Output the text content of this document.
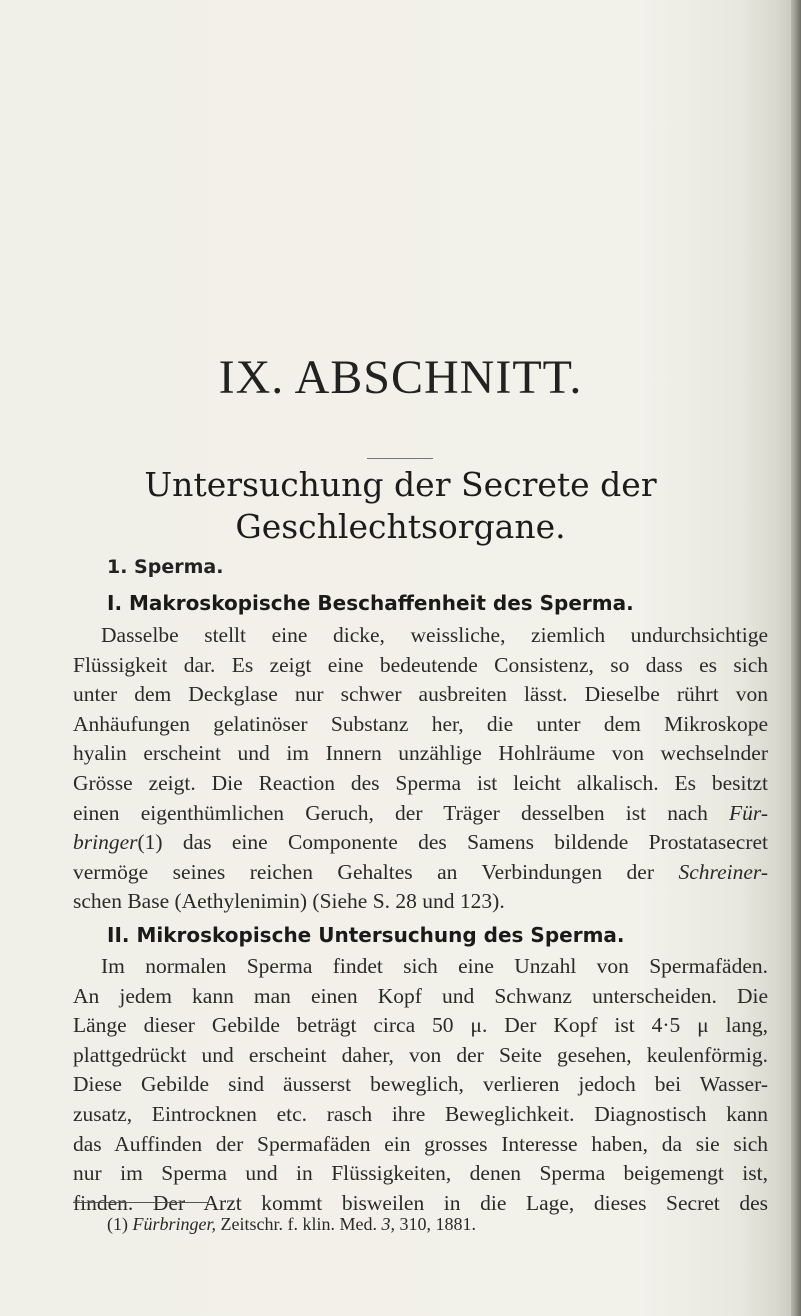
IX. ABSCHNITT.
Untersuchung der Secrete der
Geschlechtsorgane.
1. Sperma.
I. Makroskopische Beschaffenheit des Sperma.
Dasselbe stellt eine dicke, weissliche, ziemlich undurchsichtige
Flüssigkeit dar. Es zeigt eine bedeutende Consistenz, so dass es sich
unter dem Deckglase nur schwer ausbreiten lässt. Dieselbe rührt von
Anhäufungen gelatinöser Substanz her, die unter dem Mikroskope
hyalin erscheint und im Innern unzählige Hohlräume von wechselnder
Grösse zeigt. Die Reaction des Sperma ist leicht alkalisch. Es besitzt
einen eigenthümlichen Geruch, der Träger desselben ist nach Für-
bringer(1) das eine Componente des Samens bildende Prostatasecret
vermöge seines reichen Gehaltes an Verbindungen der Schreiner-
schen Base (Aethylenimin) (Siehe S. 28 und 123).
II. Mikroskopische Untersuchung des Sperma.
Im normalen Sperma findet sich eine Unzahl von Spermafäden.
An jedem kann man einen Kopf und Schwanz unterscheiden. Die
Länge dieser Gebilde beträgt circa 50 μ. Der Kopf ist 4·5 μ lang,
plattgedrückt und erscheint daher, von der Seite gesehen, keulenförmig.
Diese Gebilde sind äusserst beweglich, verlieren jedoch bei Wasser-
zusatz, Eintrocknen etc. rasch ihre Beweglichkeit. Diagnostisch kann
das Auffinden der Spermafäden ein grosses Interesse haben, da sie sich
nur im Sperma und in Flüssigkeiten, denen Sperma beigemengt ist,
finden. Der Arzt kommt bisweilen in die Lage, dieses Secret des
(1) Fürbringer, Zeitschr. f. klin. Med. 3, 310, 1881.
